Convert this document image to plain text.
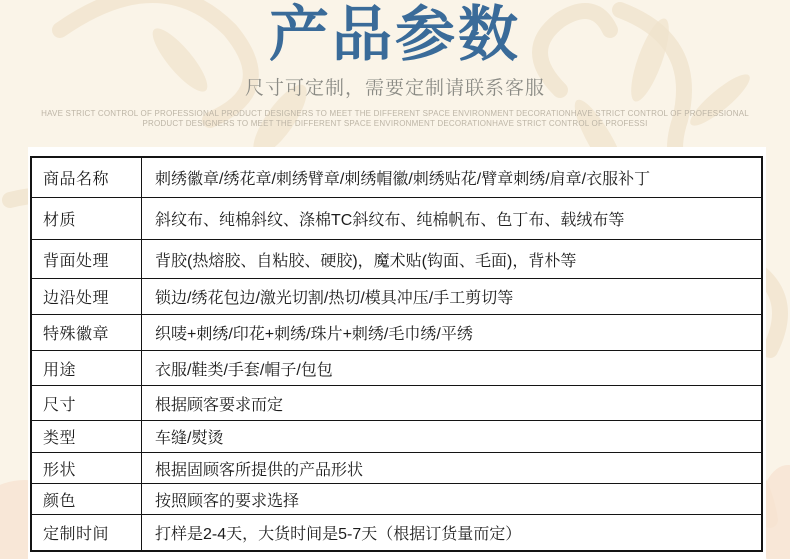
产品参数
尺寸可定制，需要定制请联系客服
HAVE STRICT CONTROL OF PROFESSIONAL PRODUCT DESIGNERS TO MEET THE DIFFERENT SPACE ENVIRONMENT DECORATIONHAVE STRICT CONTROL OF PROFESSIONAL
PRODUCT DESIGNERS TO MEET THE DIFFERENT SPACE ENVIRONMENT DECORATIONHAVE STRICT CONTROL OF PROFESSI
商品名称	刺绣徽章/绣花章/刺绣臂章/刺绣帽徽/刺绣贴花/臂章刺绣/肩章/衣服补丁
材质	斜纹布、纯棉斜纹、涤棉TC斜纹布、纯棉帆布、色丁布、载绒布等
背面处理	背胶(热熔胶、自粘胶、硬胶)，魔术贴(钩面、毛面)，背朴等
边沿处理	锁边/绣花包边/激光切割/热切/模具冲压/手工剪切等
特殊徽章	织唛+刺绣/印花+刺绣/珠片+刺绣/毛巾绣/平绣
用途	衣服/鞋类/手套/帽子/包包
尺寸	根据顾客要求而定
类型	车缝/熨烫
形状	根据固顾客所提供的产品形状
颜色	按照顾客的要求选择
定制时间	打样是2-4天，大货时间是5-7天（根据订货量而定）
